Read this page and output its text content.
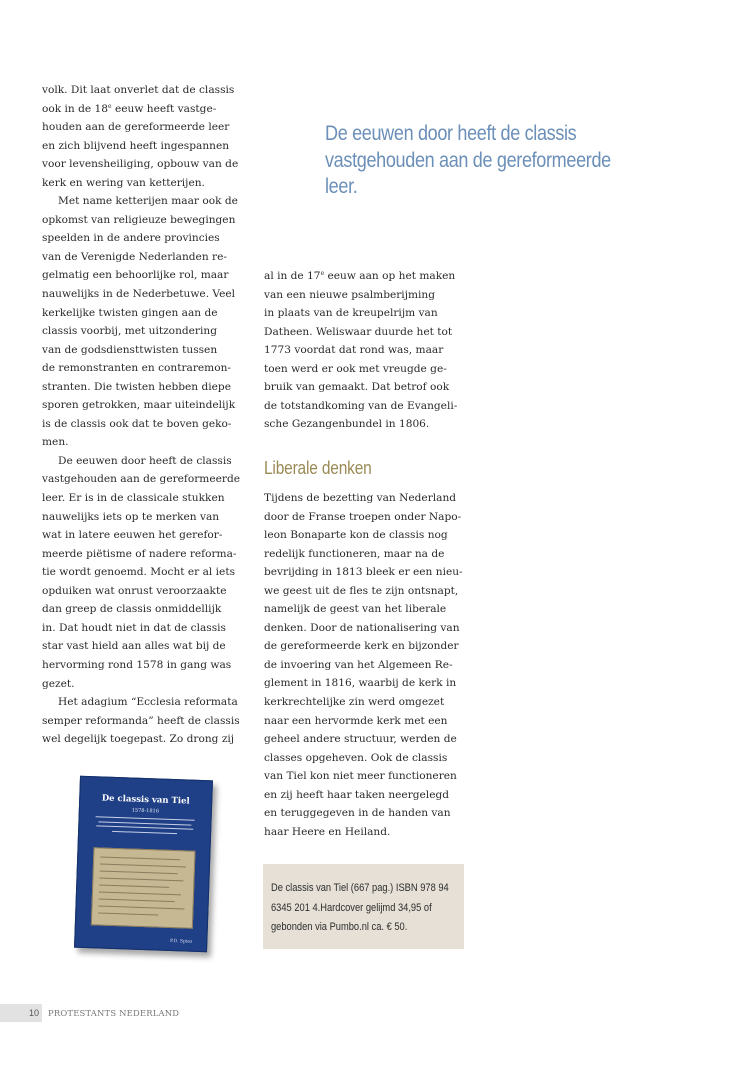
volk. Dit laat onverlet dat de classis
ook in de 18e eeuw heeft vastge-
houden aan de gereformeerde leer
en zich blijvend heeft ingespannen
voor levensheiliging, opbouw van de
kerk en wering van ketterijen.
Met name ketterijen maar ook de
opkomst van religieuze bewegingen
speelden in de andere provincies
van de Verenigde Nederlanden re-
gelmatig een behoorlijke rol, maar
nauwelijks in de Nederbetuwe. Veel
kerkelijke twisten gingen aan de
classis voorbij, met uitzondering
van de godsdiensttwisten tussen
de remonstranten en contraremon-
stranten. Die twisten hebben diepe
sporen getrokken, maar uiteindelijk
is de classis ook dat te boven geko-
men.
De eeuwen door heeft de classis
vastgehouden aan de gereformeerde
leer. Er is in de classicale stukken
nauwelijks iets op te merken van
wat in latere eeuwen het gerefor-
meerde piëtisme of nadere reforma-
tie wordt genoemd. Mocht er al iets
opduiken wat onrust veroorzaakte
dan greep de classis onmiddellijk
in. Dat houdt niet in dat de classis
star vast hield aan alles wat bij de
hervorming rond 1578 in gang was
gezet.
Het adagium “Ecclesia reformata
semper reformanda” heeft de classis
wel degelijk toegepast. Zo drong zij
De eeuwen door heeft de classis
vastgehouden aan de gereformeerde
leer.
al in de 17e eeuw aan op het maken
van een nieuwe psalmberijming
in plaats van de kreupelrijm van
Datheen. Weliswaar duurde het tot
1773 voordat dat rond was, maar
toen werd er ook met vreugde ge-
bruik van gemaakt. Dat betrof ook
de totstandkoming van de Evangeli-
sche Gezangenbundel in 1806.
Liberale denken
Tijdens de bezetting van Nederland
door de Franse troepen onder Napo-
leon Bonaparte kon de classis nog
redelijk functioneren, maar na de
bevrijding in 1813 bleek er een nieu-
we geest uit de fles te zijn ontsnapt,
namelijk de geest van het liberale
denken. Door de nationalisering van
de gereformeerde kerk en bijzonder
de invoering van het Algemeen Re-
glement in 1816, waarbij de kerk in
kerkrechtelijke zin werd omgezet
naar een hervormde kerk met een
geheel andere structuur, werden de
classes opgeheven. Ook de classis
van Tiel kon niet meer functioneren
en zij heeft haar taken neergelegd
en teruggegeven in de handen van
haar Heere en Heiland.
De classis van Tiel
1578-1816
P.D. Spies
De classis van Tiel (667 pag.) ISBN 978 94
6345 201 4.Hardcover gelijmd 34,95 of
gebonden via Pumbo.nl ca. € 50.
10 PROTESTANTS NEDERLAND
